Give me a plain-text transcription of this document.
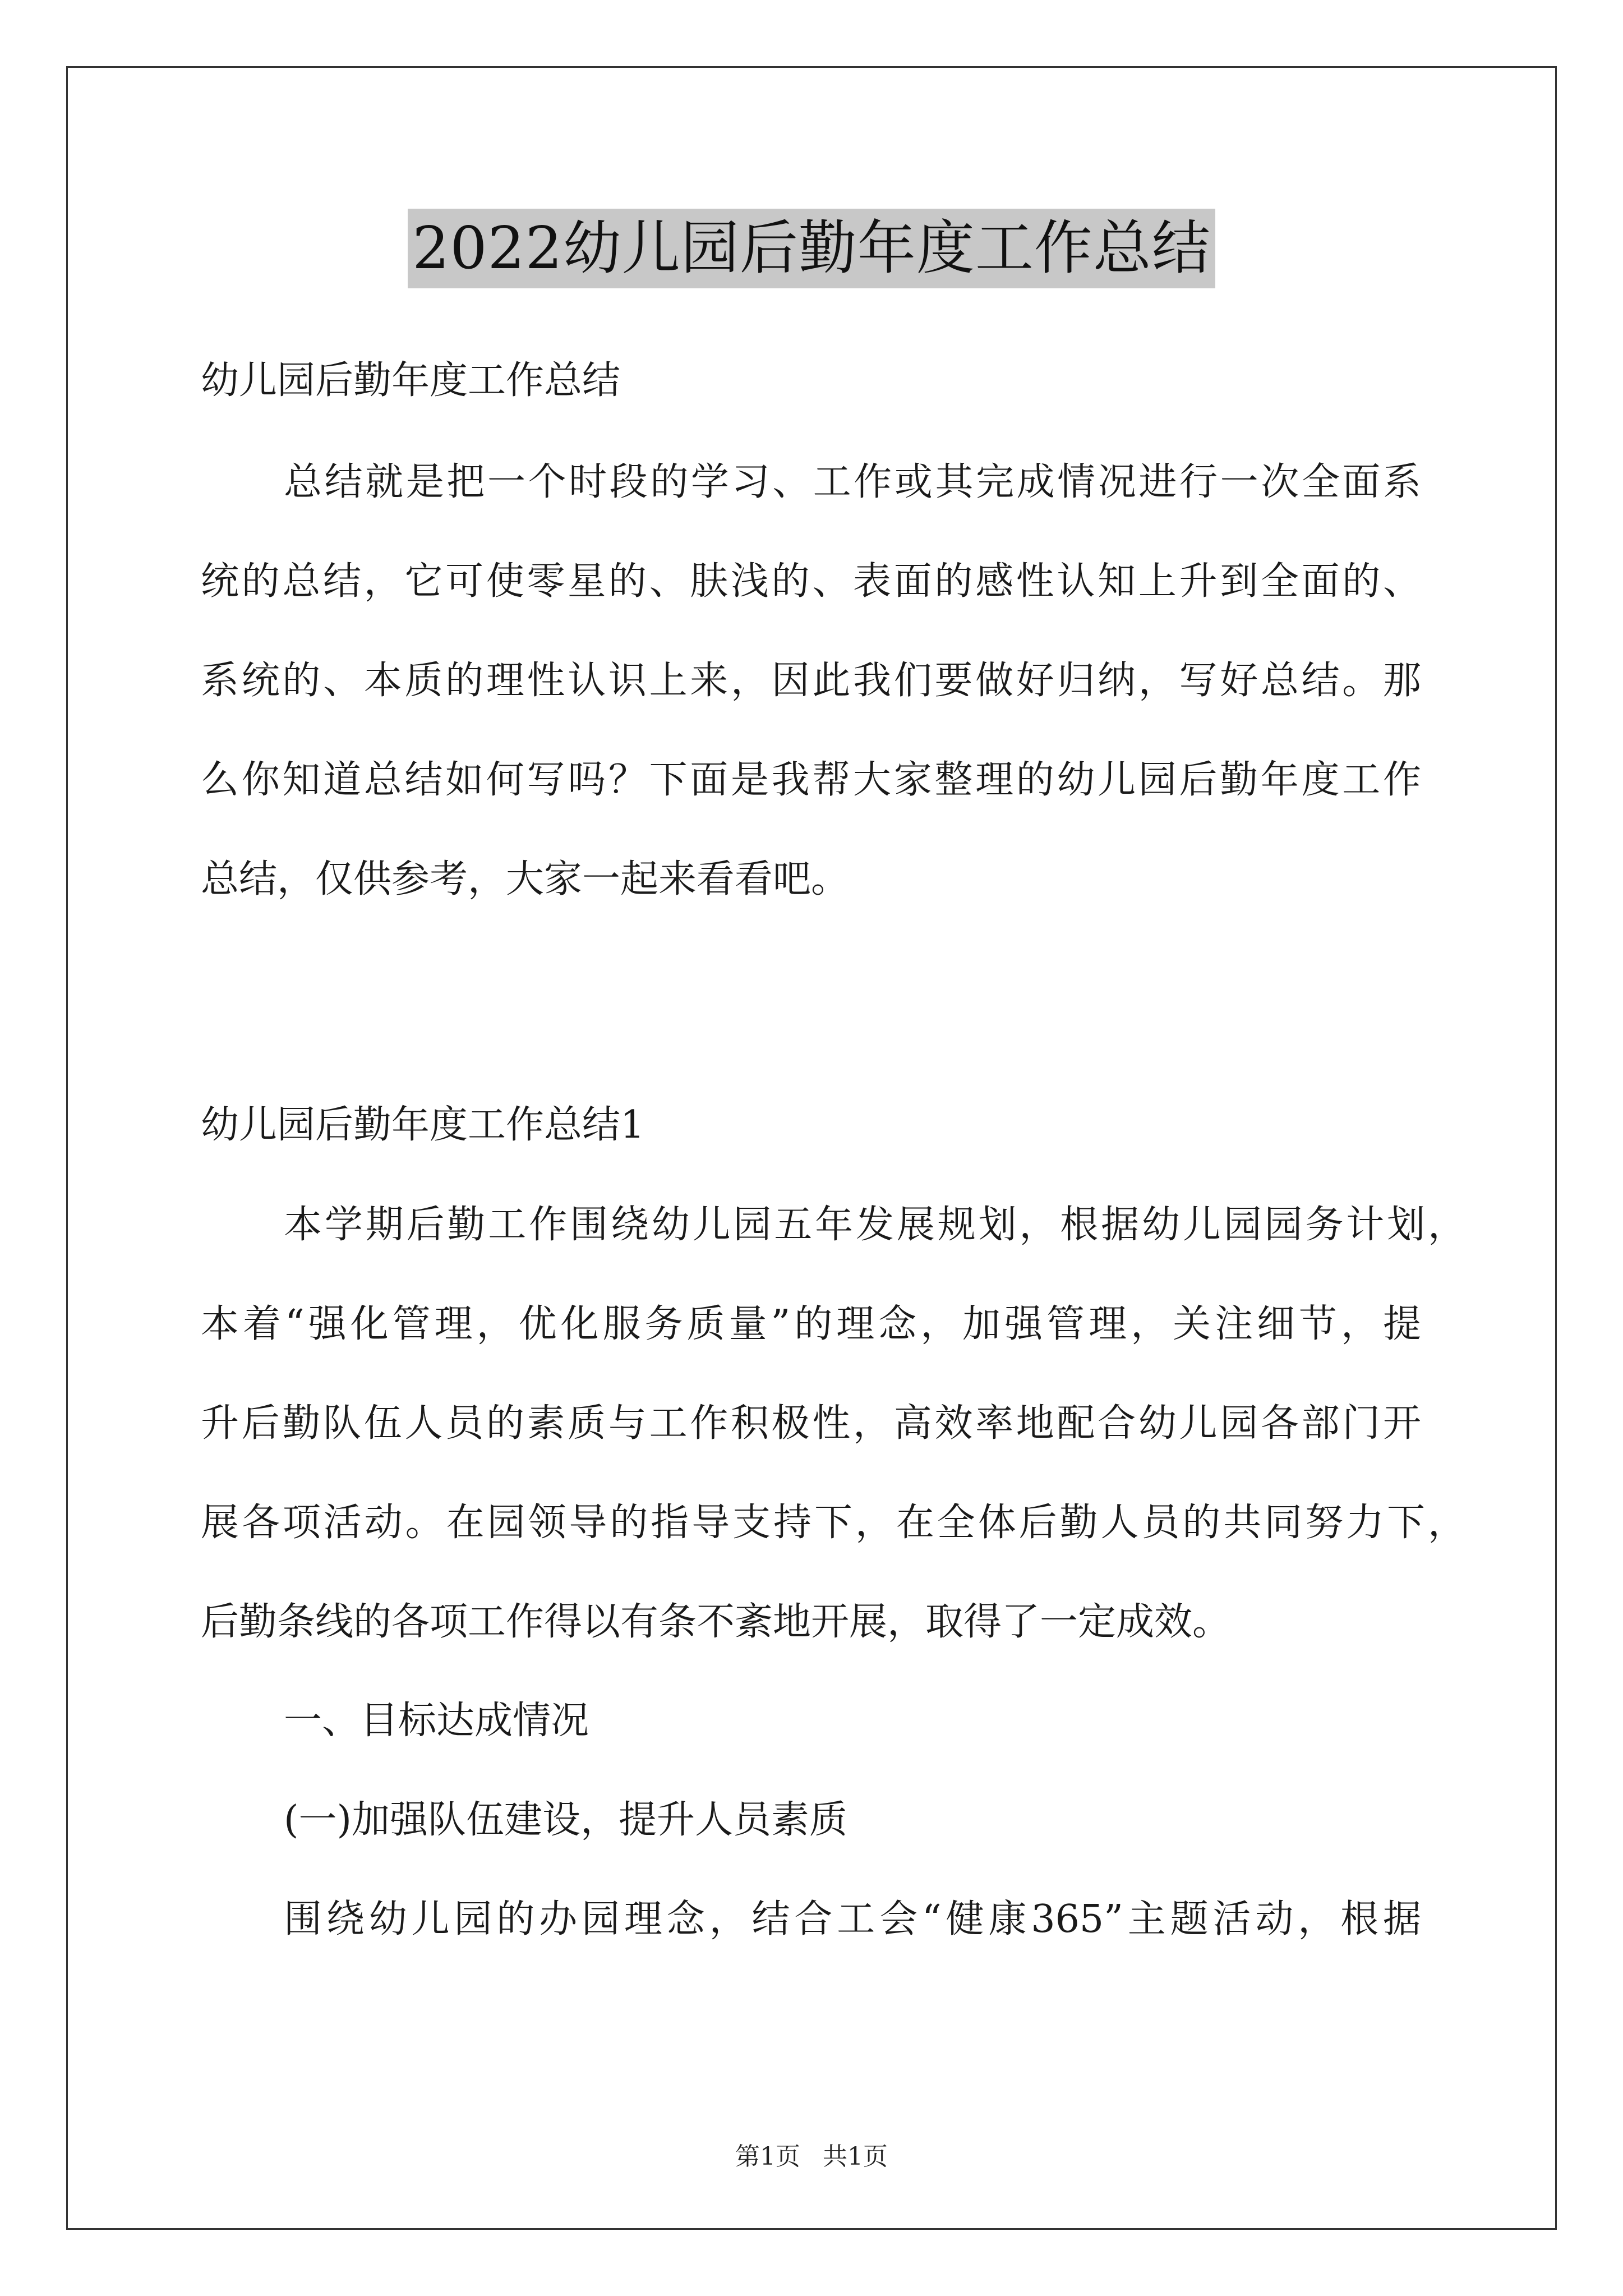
2022幼儿园后勤年度工作总结
幼儿园后勤年度工作总结
总结就是把一个时段的学习、工作或其完成情况进行一次全面系
统的总结，它可使零星的、肤浅的、表面的感性认知上升到全面的、
系统的、本质的理性认识上来，因此我们要做好归纳，写好总结。那
么你知道总结如何写吗？下面是我帮大家整理的幼儿园后勤年度工作
总结，仅供参考，大家一起来看看吧。
幼儿园后勤年度工作总结1
本学期后勤工作围绕幼儿园五年发展规划，根据幼儿园园务计划，
本着“强化管理，优化服务质量”的理念，加强管理，关注细节，提
升后勤队伍人员的素质与工作积极性，高效率地配合幼儿园各部门开
展各项活动。在园领导的指导支持下，在全体后勤人员的共同努力下，
后勤条线的各项工作得以有条不紊地开展，取得了一定成效。
一、目标达成情况
(一)加强队伍建设，提升人员素质
围绕幼儿园的办园理念，结合工会“健康365”主题活动，根据
第1页 共1页
